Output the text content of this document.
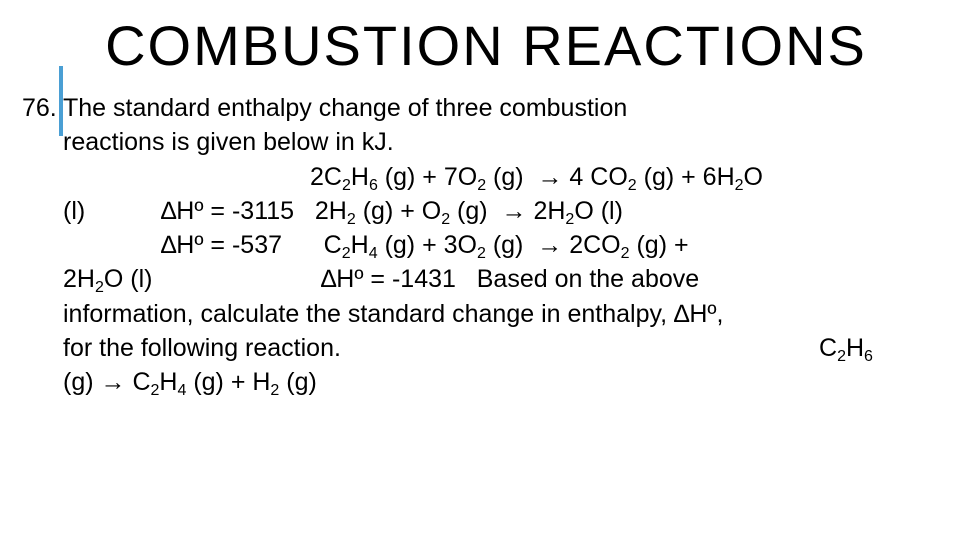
COMBUSTION REACTIONS
76. The standard enthalpy change of three combustion
reactions is given below in kJ.
$2C_2H_6$ $(g) + 7O_2$ (g)  → 4 $CO_2$ $(g) + 6H_2O$
(l)	∆Hº = -3115   $2H_2$ $(g) + O_2$ $(g) \to 2H_2O$ (l)
∆Hº = -537      $C_2H_4$ $(g) + 3O_2$ $(g) \to 2CO_2$ (g) +
$2H_2O$ (l)	∆Hº = -1431   Based on the above
information, calculate the standard change in enthalpy, ∆Hº,
for the following reaction.	$C_2H_6$
$(g) \to C_2H_4$ $(g) + H_2$ (g)
